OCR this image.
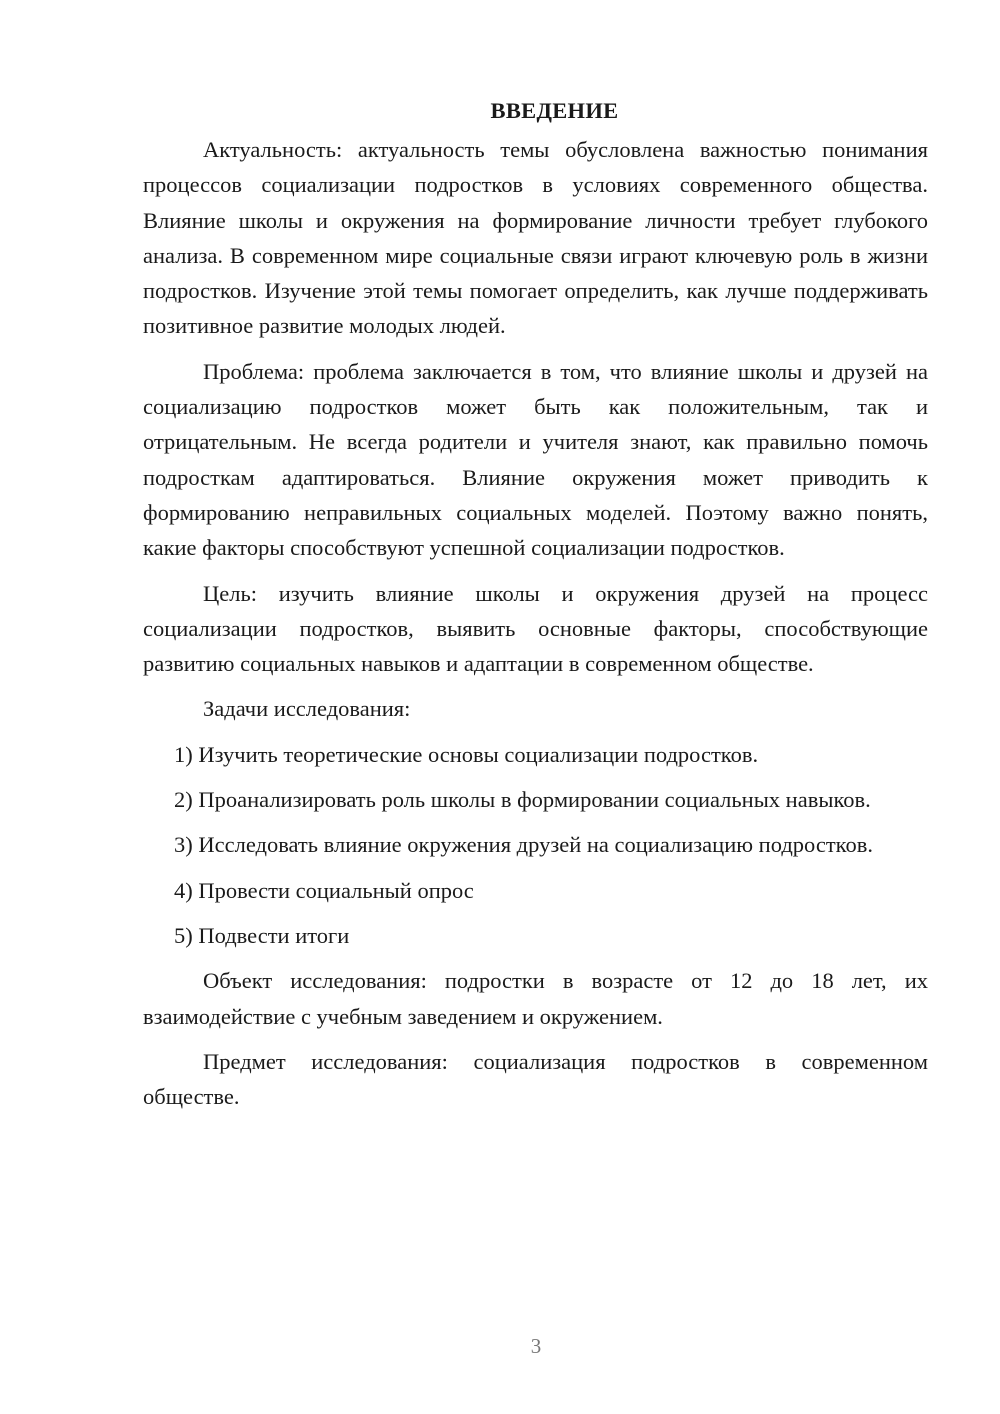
ВВЕДЕНИЕ

Актуальность: актуальность темы обусловлена важностью понимания процессов социализации подростков в условиях современного общества. Влияние школы и окружения на формирование личности требует глубокого анализа. В современном мире социальные связи играют ключевую роль в жизни подростков. Изучение этой темы помогает определить, как лучше поддерживать позитивное развитие молодых людей.

Проблема: проблема заключается в том, что влияние школы и друзей на социализацию подростков может быть как положительным, так и отрицательным. Не всегда родители и учителя знают, как правильно помочь подросткам адаптироваться. Влияние окружения может приводить к формированию неправильных социальных моделей. Поэтому важно понять, какие факторы способствуют успешной социализации подростков.

Цель: изучить влияние школы и окружения друзей на процесс социализации подростков, выявить основные факторы, способствующие развитию социальных навыков и адаптации в современном обществе.

Задачи исследования:

1) Изучить теоретические основы социализации подростков.

2) Проанализировать роль школы в формировании социальных навыков.

3) Исследовать влияние окружения друзей на социализацию подростков.

4) Провести социальный опрос

5) Подвести итоги

Объект исследования: подростки в возрасте от 12 до 18 лет, их взаимодействие с учебным заведением и окружением.

Предмет исследования: социализация подростков в современном обществе.

3
